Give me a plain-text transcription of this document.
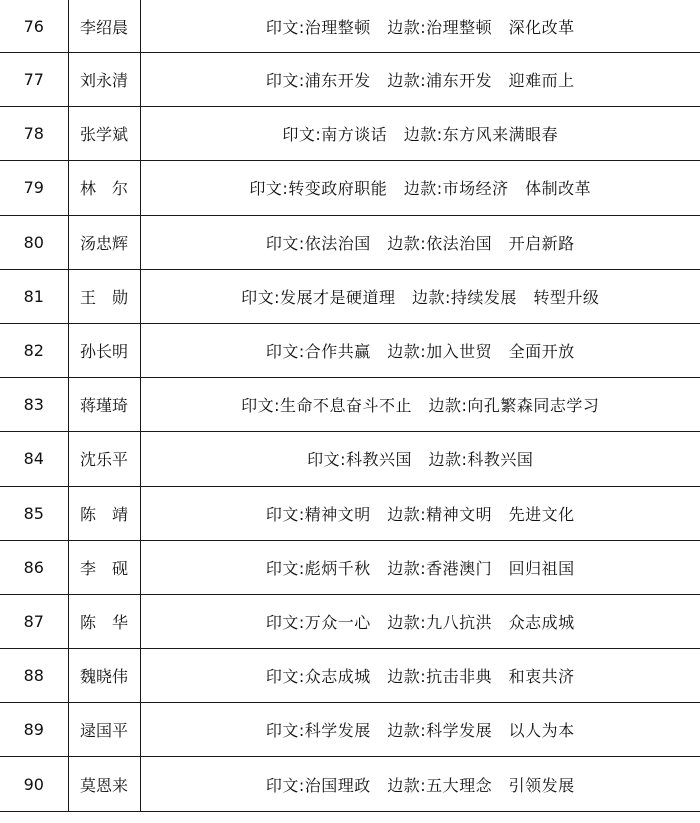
76	李绍晨	印文:治理整顿　边款:治理整顿　深化改革
77	刘永清	印文:浦东开发　边款:浦东开发　迎难而上
78	张学斌	印文:南方谈话　边款:东方风来满眼春
79	林　尔	印文:转变政府职能　边款:市场经济　体制改革
80	汤忠辉	印文:依法治国　边款:依法治国　开启新路
81	王　勋	印文:发展才是硬道理　边款:持续发展　转型升级
82	孙长明	印文:合作共赢　边款:加入世贸　全面开放
83	蒋瑾琦	印文:生命不息奋斗不止　边款:向孔繁森同志学习
84	沈乐平	印文:科教兴国　边款:科教兴国
85	陈　靖	印文:精神文明　边款:精神文明　先进文化
86	李　砚	印文:彪炳千秋　边款:香港澳门　回归祖国
87	陈　华	印文:万众一心　边款:九八抗洪　众志成城
88	魏晓伟	印文:众志成城　边款:抗击非典　和衷共济
89	逯国平	印文:科学发展　边款:科学发展　以人为本
90	莫恩来	印文:治国理政　边款:五大理念　引领发展
